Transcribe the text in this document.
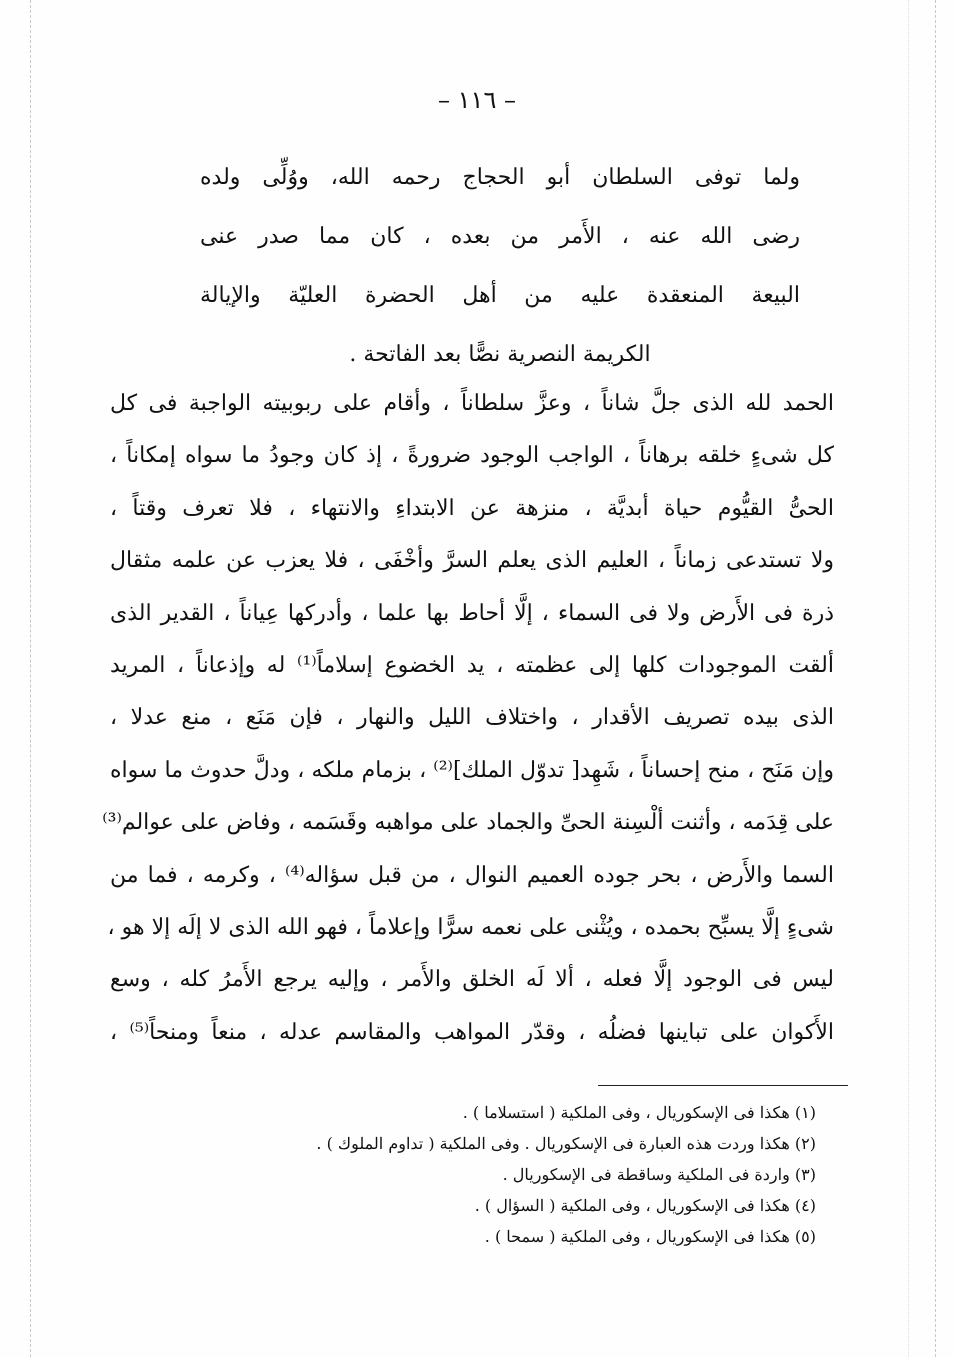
– ١١٦ –
ولما توفى السلطان أبو الحجاج رحمه الله، ووُلِّى ولده
رضى الله عنه ، الأَمر من بعده ، كان مما صدر عنى
البيعة المنعقدة عليه من أهل الحضرة العليّة والإيالة
الكريمة النصرية نصًّا بعد الفاتحة .
الحمد لله الذى جلَّ شاناً ، وعزَّ سلطاناً ، وأقام على ربوبيته الواجبة فى كل
كل شىءٍ خلقه برهاناً ، الواجب الوجود ضرورةً ، إذ كان وجودُ ما سواه إمكاناً ،
الحىُّ القيُّوم حياة أبديَّة ، منزهة عن الابتداءِ والانتهاء ، فلا تعرف وقتاً ،
ولا تستدعى زماناً ، العليم الذى يعلم السرَّ وأخْفَى ، فلا يعزب عن علمه مثقال
ذرة فى الأَرض ولا فى السماء ، إلَّا أحاط بها علما ، وأدركها عِياناً ، القدير الذى
ألقت الموجودات كلها إلى عظمته ، يد الخضوع إسلاماً⁽¹⁾ له وإذعاناً ، المريد
الذى بيده تصريف الأقدار ، واختلاف الليل والنهار ، فإن مَنَع ، منع عدلا ،
وإن مَنَح ، منح إحساناً ، شَهِد[ تدوّل الملك]⁽²⁾ ، بزمام ملكه ، ودلَّ حدوث ما سواه
على قِدَمه ، وأثنت ألْسِنة الحىِّ والجماد على مواهبه وقَسَمه ، وفاض على عوالم⁽³⁾
السما والأَرض ، بحر جوده العميم النوال ، من قبل سؤاله⁽⁴⁾ ، وكرمه ، فما من
شىءٍ إلَّا يسبِّح بحمده ، ويُثْنى على نعمه سرًّا وإعلاماً ، فهو الله الذى لا إلَه إلا هو ،
ليس فى الوجود إلَّا فعله ، ألا لَه الخلق والأَمر ، وإليه يرجع الأَمرُ كله ، وسع
الأَكوان على تباينها فضلُه ، وقدّر المواهب والمقاسم عدله ، منعاً ومنحاً⁽⁵⁾ ،
(١) هكذا فى الإسكوريال ، وفى الملكية ( استسلاما ) .
(٢) هكذا وردت هذه العبارة فى الإسكوريال . وفى الملكية ( تداوم الملوك ) .
(٣) واردة فى الملكية وساقطة فى الإسكوريال .
(٤) هكذا فى الإسكوريال ، وفى الملكية ( السؤال ) .
(٥) هكذا فى الإسكوريال ، وفى الملكية ( سمحا ) .
